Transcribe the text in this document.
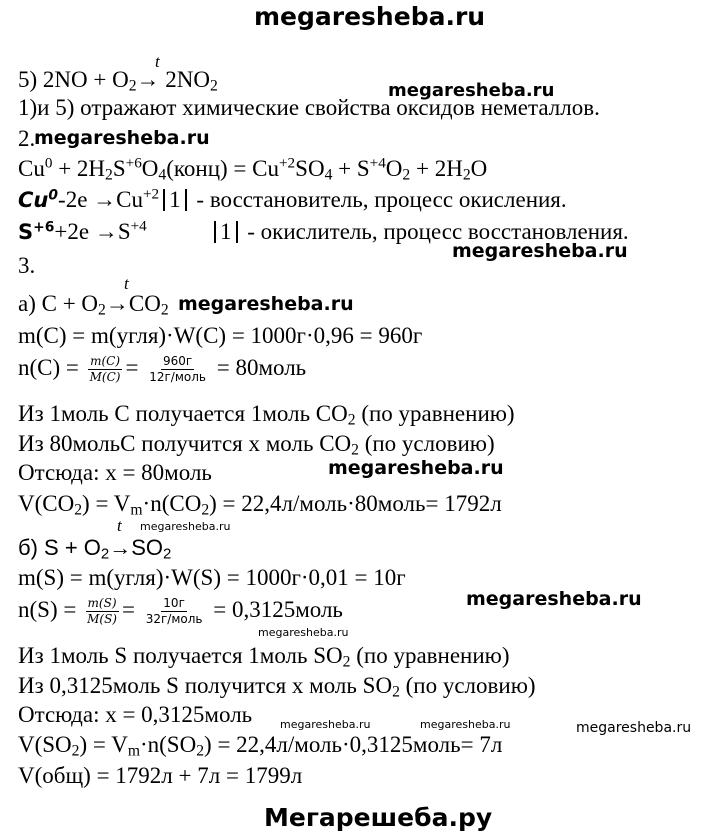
megaresheba.ru
5) $2NO + O_2\to 2NO_2$
t
megaresheba.ru
1)и 5) отражают химические свойства оксидов неметаллов.
2.
megaresheba.ru
$Cu^0$ + $2H_2S^{+6}O_4(конц) = Cu^{+2}SO_4 + S^{+4}O_2 + 2H_2O$
$Cu^0-2e \to Cu^{+2}$ 1 - восстановитель, процесс окисления.
$S^{+6}+2e \to S^{+4}$	1 - окислитель, процесс восстановления.
megaresheba.ru
3.
а) $C + O_2\to CO_2$
t
megaresheba.ru
m(C) = m(угля)·W(C) = 1000г·0,96 = 960г
$n(C) = \frac{m(C)}{M(C)} = \frac{960г}{\text{12г/моль}}$ = 80моль
Из 1моль C получается 1моль $CO_2$ (по уравнению)
Из 80мольC получится x моль $CO_2$ (по условию)
Отсюда: x = 80моль	megaresheba.ru
$V(CO_2) = V_m\cdot n(CO_2)$ = 22,4л/моль·80моль= 1792л
б) $S + O_2\to SO_2$
t megaresheba.ru
m(S) = m(угля)·W(S) = 1000г·0,01 = 10г
$n(S) = \frac{m(S)}{M(S)} = \frac{10г}{\text{32г/моль}}$ = 0,3125моль	megaresheba.ru
megaresheba.ru
Из 1моль S получается 1моль $SO_2$ (по уравнению)
Из 0,3125моль S получится x моль $SO_2$ (по условию)
Отсюда: x = 0,3125моль	megaresheba.ru	megaresheba.ru	megaresheba.ru
$V(SO_2) = V_m\cdot n(SO_2)$ = 22,4л/моль·0,3125моль= 7л
V(общ) = 1792л + 7л = 1799л
Мегарешеба.ру
